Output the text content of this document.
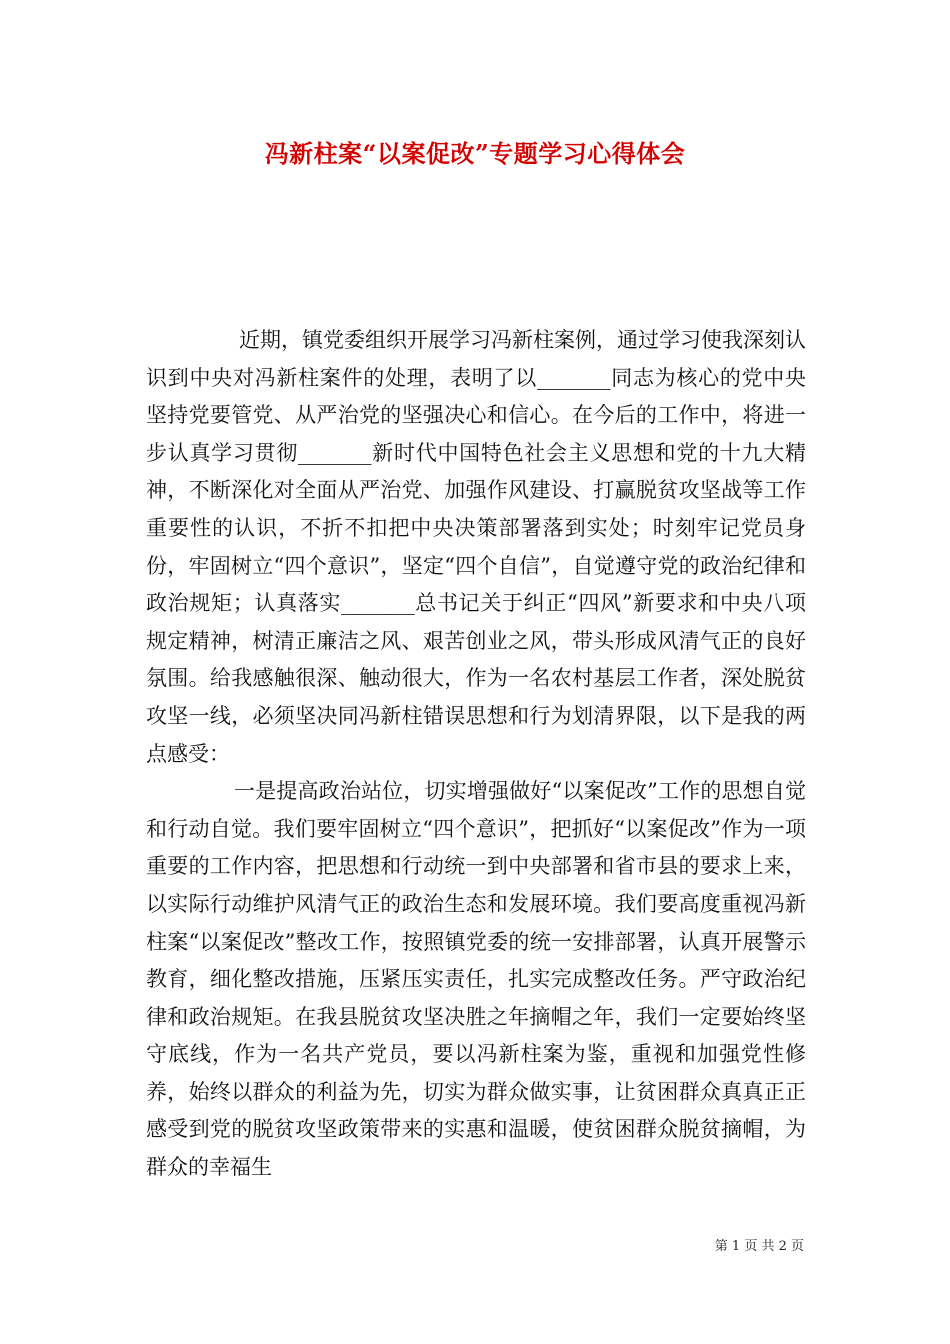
冯新柱案“以案促改”专题学习心得体会

近期，镇党委组织开展学习冯新柱案例，通过学习使我深刻认识到中央对冯新柱案件的处理，表明了以_______同志为核心的党中央坚持党要管党、从严治党的坚强决心和信心。在今后的工作中，将进一步认真学习贯彻_______新时代中国特色社会主义思想和党的十九大精神，不断深化对全面从严治党、加强作风建设、打赢脱贫攻坚战等工作重要性的认识，不折不扣把中央决策部署落到实处；时刻牢记党员身份，牢固树立“四个意识”，坚定“四个自信”，自觉遵守党的政治纪律和政治规矩；认真落实_______总书记关于纠正“四风”新要求和中央八项规定精神，树清正廉洁之风、艰苦创业之风，带头形成风清气正的良好氛围。给我感触很深、触动很大，作为一名农村基层工作者，深处脱贫攻坚一线，必须坚决同冯新柱错误思想和行为划清界限，以下是我的两点感受：

一是提高政治站位，切实增强做好“以案促改”工作的思想自觉和行动自觉。我们要牢固树立“四个意识”，把抓好“以案促改”作为一项重要的工作内容，把思想和行动统一到中央部署和省市县的要求上来，以实际行动维护风清气正的政治生态和发展环境。我们要高度重视冯新柱案“以案促改”整改工作，按照镇党委的统一安排部署，认真开展警示教育，细化整改措施，压紧压实责任，扎实完成整改任务。严守政治纪律和政治规矩。在我县脱贫攻坚决胜之年摘帽之年，我们一定要始终坚守底线，作为一名共产党员，要以冯新柱案为鉴，重视和加强党性修养，始终以群众的利益为先，切实为群众做实事，让贫困群众真真正正感受到党的脱贫攻坚政策带来的实惠和温暖，使贫困群众脱贫摘帽，为群众的幸福生

第 1 页 共 2 页
